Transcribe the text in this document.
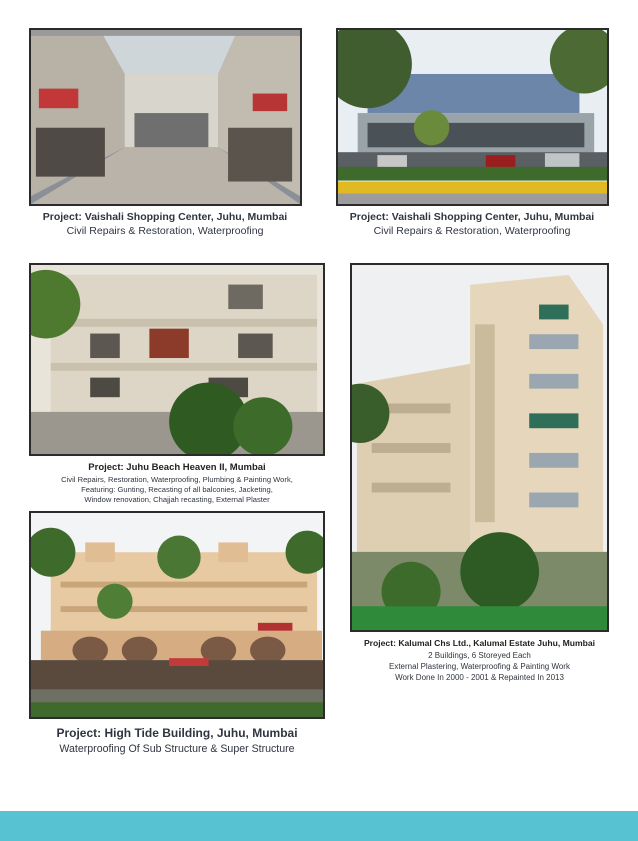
Project: Vaishali Shopping Center, Juhu, Mumbai
Civil Repairs & Restoration, Waterproofing
Project: Vaishali Shopping Center, Juhu, Mumbai
Civil Repairs & Restoration, Waterproofing
Project: Juhu Beach Heaven II, Mumbai
Civil Repairs, Restoration, Waterproofing, Plumbing & Painting Work,
Featuring: Gunting, Recasting of all balconies, Jacketing,
Window renovation, Chajjah recasting, External Plaster
Project: Kalumal Chs Ltd., Kalumal Estate Juhu, Mumbai
2 Buildings, 6 Storeyed Each
External Plastering, Waterproofing & Painting Work
Work Done In 2000 - 2001 & Repainted In 2013
Project: High Tide Building, Juhu, Mumbai
Waterproofing Of Sub Structure & Super Structure
